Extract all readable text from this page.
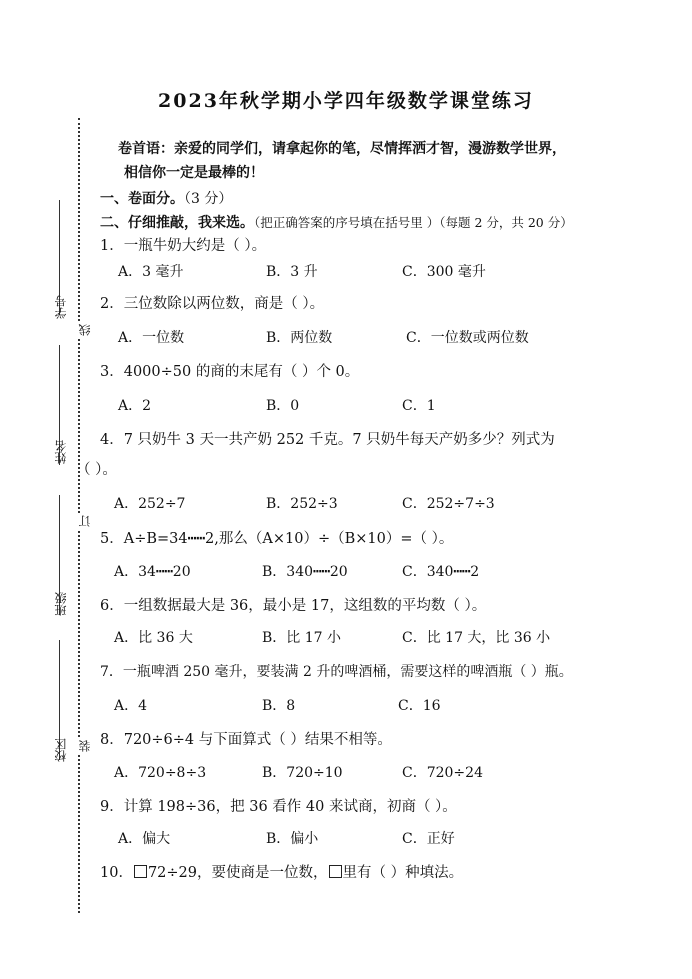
学号
姓名
班级
校区
线
订
装
2023年秋学期小学四年级数学课堂练习
卷首语：亲爱的同学们，请拿起你的笔，尽情挥洒才智，漫游数学世界，
相信你一定是最棒的！
一、卷面分。（3 分）
二、仔细推敲，我来选。（把正确答案的序号填在括号里 ）（每题 2 分，共 20 分）
1．一瓶牛奶大约是（ ）。
A．3 毫升	B．3 升	C．300 毫升
2．三位数除以两位数，商是（ ）。
A．一位数	B．两位数	C．一位数或两位数
3．4000÷50 的商的末尾有（ ）个 0。
A．2	B．0	C．1
4．7 只奶牛 3 天一共产奶 252 千克。7 只奶牛每天产奶多少？列式为
（ ）。
A．252÷7	B．252÷3	C．252÷7÷3
5．A÷B=34┅┅2,那么（A×10）÷（B×10）=（ ）。
A．34┅┅20	B．340┅┅20	C．340┅┅2
6．一组数据最大是 36，最小是 17，这组数的平均数（ ）。
A．比 36 大	B．比 17 小	C．比 17 大，比 36 小
7．一瓶啤酒 250 毫升，要装满 2 升的啤酒桶，需要这样的啤酒瓶（ ）瓶。
A．4	B．8	C．16
8．720÷6÷4 与下面算式（ ）结果不相等。
A．720÷8÷3	B．720÷10	C．720÷24
9．计算 198÷36，把 36 看作 40 来试商，初商（ ）。
A．偏大	B．偏小	C．正好
10． 72÷29，要使商是一位数， 里有（ ）种填法。
